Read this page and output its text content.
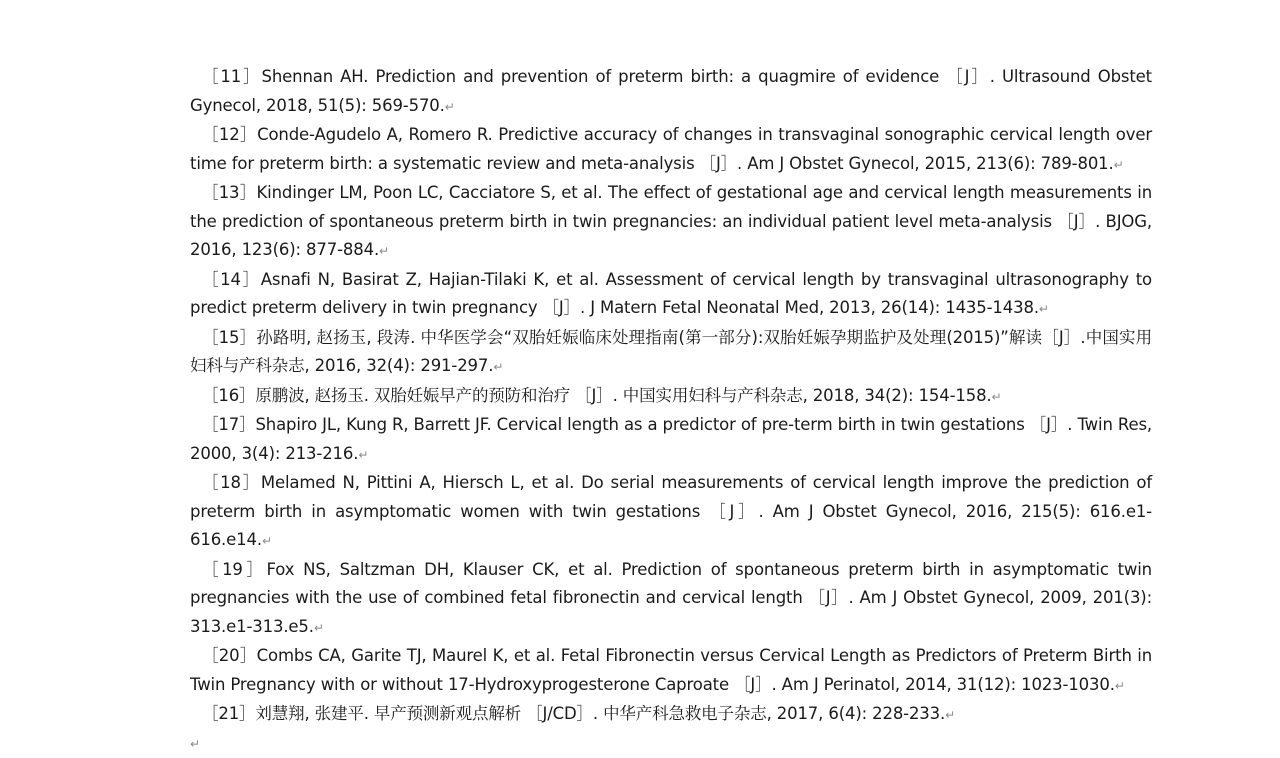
［11］Shennan AH. Prediction and prevention of preterm birth: a quagmire of evidence ［J］. Ultrasound Obstet Gynecol, 2018, 51(5): 569-570.↵

［12］Conde-Agudelo A, Romero R. Predictive accuracy of changes in transvaginal sonographic cervical length over time for preterm birth: a systematic review and meta-analysis ［J］. Am J Obstet Gynecol, 2015, 213(6): 789-801.↵

［13］Kindinger LM, Poon LC, Cacciatore S, et al. The effect of gestational age and cervical length measurements in the prediction of spontaneous preterm birth in twin pregnancies: an individual patient level meta-analysis ［J］. BJOG, 2016, 123(6): 877-884.↵

［14］Asnafi N, Basirat Z, Hajian-Tilaki K, et al. Assessment of cervical length by transvaginal ultrasonography to predict preterm delivery in twin pregnancy ［J］. J Matern Fetal Neonatal Med, 2013, 26(14): 1435-1438.↵

［15］孙路明, 赵扬玉, 段涛. 中华医学会“双胎妊娠临床处理指南(第一部分):双胎妊娠孕期监护及处理(2015)”解读［J］.中国实用妇科与产科杂志, 2016, 32(4): 291-297.↵

［16］原鹏波, 赵扬玉. 双胎妊娠早产的预防和治疗 ［J］. 中国实用妇科与产科杂志, 2018, 34(2): 154-158.↵

［17］Shapiro JL, Kung R, Barrett JF. Cervical length as a predictor of pre-term birth in twin gestations ［J］. Twin Res, 2000, 3(4): 213-216.↵

［18］Melamed N, Pittini A, Hiersch L, et al. Do serial measurements of cervical length improve the prediction of preterm birth in asymptomatic women with twin gestations ［J］. Am J Obstet Gynecol, 2016, 215(5): 616.e1-616.e14.↵

［19］Fox NS, Saltzman DH, Klauser CK, et al. Prediction of spontaneous preterm birth in asymptomatic twin pregnancies with the use of combined fetal fibronectin and cervical length ［J］. Am J Obstet Gynecol, 2009, 201(3): 313.e1-313.e5.↵

［20］Combs CA, Garite TJ, Maurel K, et al. Fetal Fibronectin versus Cervical Length as Predictors of Preterm Birth in Twin Pregnancy with or without 17-Hydroxyprogesterone Caproate ［J］. Am J Perinatol, 2014, 31(12): 1023-1030.↵

［21］刘慧翔, 张建平. 早产预测新观点解析 ［J/CD］. 中华产科急救电子杂志, 2017, 6(4): 228-233.↵

↵
